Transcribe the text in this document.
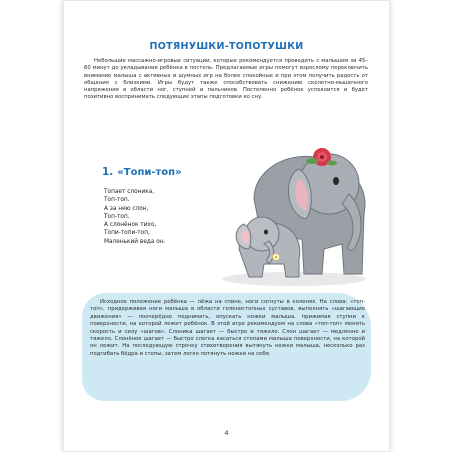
ПОТЯНУШКИ-ТОПОТУШКИ

Небольшие массажно-игровые ситуации, которые рекомендуется проводить с малышом за 45–60 минут до укладывания ребёнка в постель. Предлагаемые игры помогут взрослому переключить внимание малыша с активных и шумных игр на более спокойные и при этом получить радость от общения с близкими. Игры будут также способствовать снижению скелетно-мышечного напряжения в области ног, ступней и пальчиков. Постепенно ребёнок успокоится и будет позитивно воспринимать следующие этапы подготовки ко сну.

1. «Топи-топ»
Топает слоника,
Топ-топ.
А за нею слон,
Топ-топ.
А слонёнок тихо,
Топи-топи-топ,
Маленький веда он.

Исходное положение ребёнка — лёжа на спине, ноги согнуты в коленях. На слова: «топ-топ», придерживая ноги малыша в области голеностопных суставов, выполнять «шагающие движения» — поочерёдно поднимать, опускать ножки малыша, прижимая ступни к поверхности, на которой лежит ребёнок. В этой игре рекомендуем на слова «топ-топ» менять скорость и силу «шагов». Слоника шагает — быстро и тяжело. Слон шагает — медленно и тяжело. Слонёнок шагает — быстро слегка касаться стопами малыша поверхности, на которой он лежит. На последующую строчку стихотворения вытянуть ножки малыша, несколько раз подгибать бёдра и стопы, затем легко потянуть ножки на себя.

4
